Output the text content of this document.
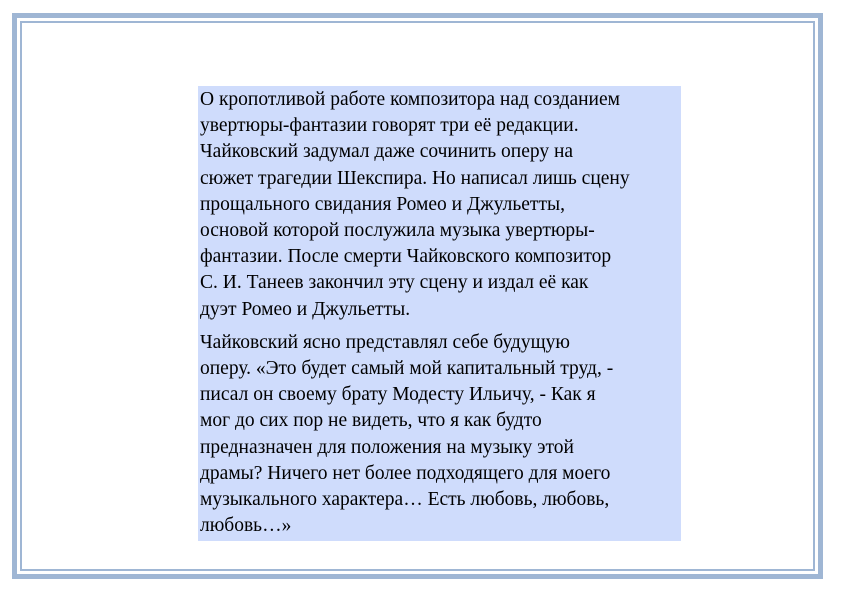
О кропотливой работе композитора над созданием
увертюры-фантазии говорят три её редакции.
Чайковский задумал даже сочинить оперу на
сюжет трагедии Шекспира. Но написал лишь сцену
прощального свидания Ромео и Джульетты,
основой которой послужила музыка увертюры-
фантазии. После смерти Чайковского композитор
С. И. Танеев закончил эту сцену и издал её как
дуэт Ромео и Джульетты.

Чайковский ясно представлял себе будущую
оперу. «Это будет самый мой капитальный труд, -
писал он своему брату Модесту Ильичу, - Как я
мог до сих пор не видеть, что я как будто
предназначен для положения на музыку этой
драмы? Ничего нет более подходящего для моего
музыкального характера… Есть любовь, любовь,
любовь…»
